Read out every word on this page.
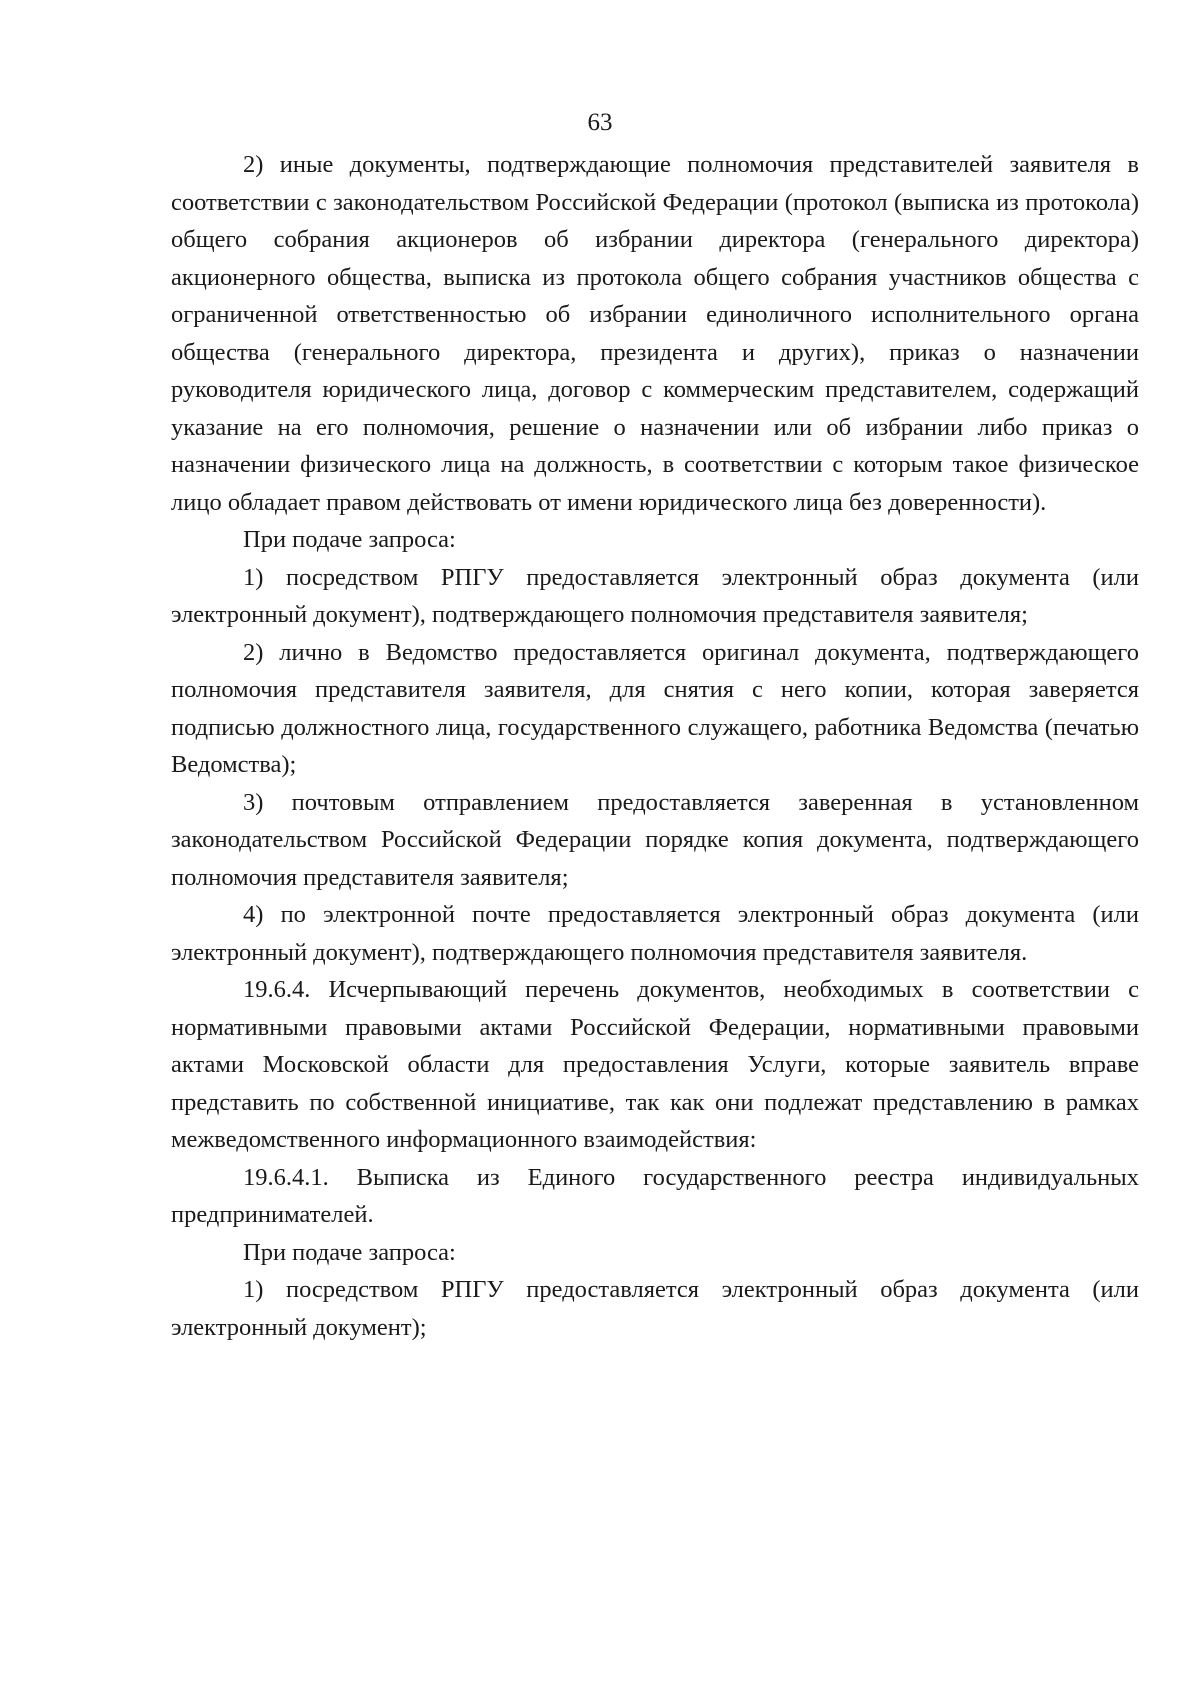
63

2) иные документы, подтверждающие полномочия представителей заявителя в соответствии с законодательством Российской Федерации (протокол (выписка из протокола) общего собрания акционеров об избрании директора (генерального директора) акционерного общества, выписка из протокола общего собрания участников общества с ограниченной ответственностью об избрании единоличного исполнительного органа общества (генерального директора, президента и других), приказ о назначении руководителя юридического лица, договор с коммерческим представителем, содержащий указание на его полномочия, решение о назначении или об избрании либо приказ о назначении физического лица на должность, в соответствии с которым такое физическое лицо обладает правом действовать от имени юридического лица без доверенности).

При подаче запроса:

1) посредством РПГУ предоставляется электронный образ документа (или электронный документ), подтверждающего полномочия представителя заявителя;

2) лично в Ведомство предоставляется оригинал документа, подтверждающего полномочия представителя заявителя, для снятия с него копии, которая заверяется подписью должностного лица, государственного служащего, работника Ведомства (печатью Ведомства);

3) почтовым отправлением предоставляется заверенная в установленном законодательством Российской Федерации порядке копия документа, подтверждающего полномочия представителя заявителя;

4) по электронной почте предоставляется электронный образ документа (или электронный документ), подтверждающего полномочия представителя заявителя.

19.6.4. Исчерпывающий перечень документов, необходимых в соответствии с нормативными правовыми актами Российской Федерации, нормативными правовыми актами Московской области для предоставления Услуги, которые заявитель вправе представить по собственной инициативе, так как они подлежат представлению в рамках межведомственного информационного взаимодействия:

19.6.4.1. Выписка из Единого государственного реестра индивидуальных предпринимателей.

При подаче запроса:

1) посредством РПГУ предоставляется электронный образ документа (или электронный документ);
